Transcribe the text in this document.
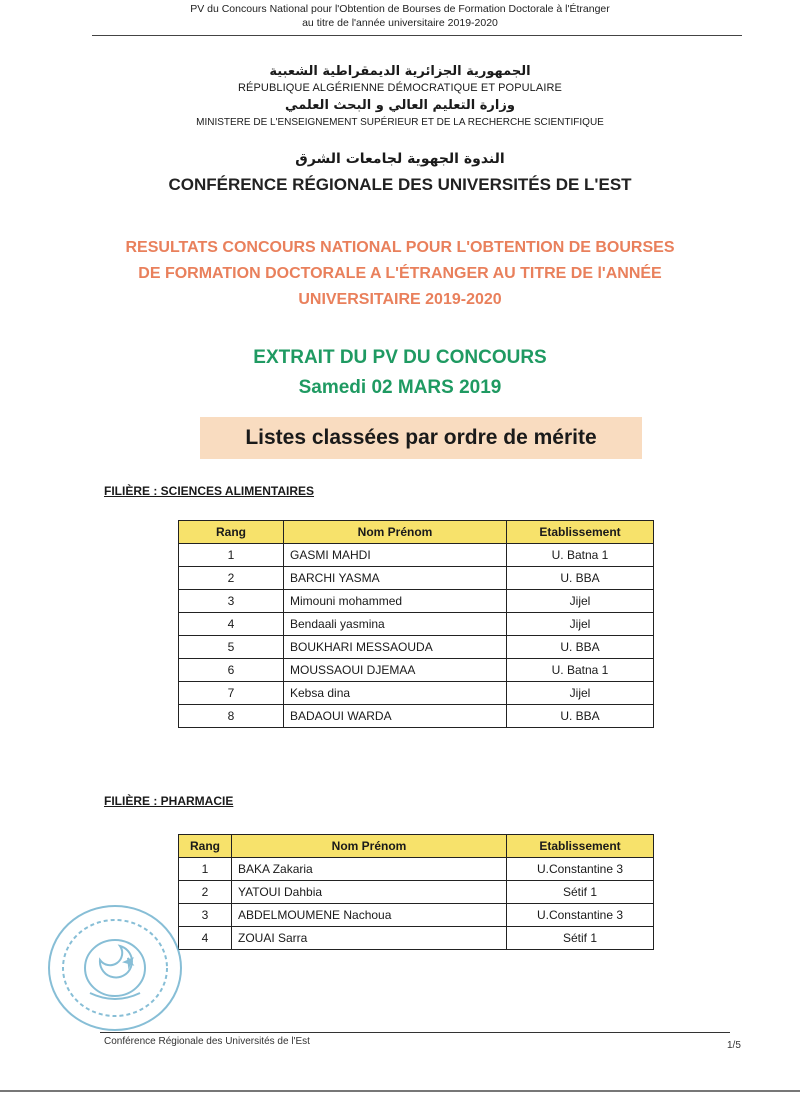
PV du Concours National pour l'Obtention de Bourses de Formation Doctorale à l'Étranger
au titre de l'année universitaire 2019-2020
الجمهورية الجزائرية الديمقراطية الشعبية
RÉPUBLIQUE ALGÉRIENNE DÉMOCRATIQUE ET POPULAIRE
وزارة التعليم العالي و البحث العلمي
MINISTERE DE L'ENSEIGNEMENT SUPÉRIEUR ET DE LA RECHERCHE SCIENTIFIQUE
الندوة الجهوية لجامعات الشرق
CONFÉRENCE RÉGIONALE DES UNIVERSITÉS DE L'EST
RESULTATS CONCOURS NATIONAL POUR L'OBTENTION DE BOURSES
DE FORMATION DOCTORALE A L'ÉTRANGER AU TITRE DE l'ANNÉE
UNIVERSITAIRE 2019-2020
EXTRAIT DU PV DU CONCOURS
Samedi 02 MARS 2019
Listes classées par ordre de mérite
FILIÈRE : SCIENCES ALIMENTAIRES
Rang	Nom Prénom	Etablissement
1	GASMI MAHDI	U. Batna 1
2	BARCHI YASMA	U. BBA
3	Mimouni mohammed	Jijel
4	Bendaali yasmina	Jijel
5	BOUKHARI MESSAOUDA	U. BBA
6	MOUSSAOUI DJEMAA	U. Batna 1
7	Kebsa dina	Jijel
8	BADAOUI WARDA	U. BBA
FILIÈRE : PHARMACIE
Rang	Nom Prénom	Etablissement
1	BAKA Zakaria	U.Constantine 3
2	YATOUI Dahbia	Sétif 1
3	ABDELMOUMENE Nachoua	U.Constantine 3
4	ZOUAI Sarra	Sétif 1
Conférence Régionale des Universités de l'Est	1/5
